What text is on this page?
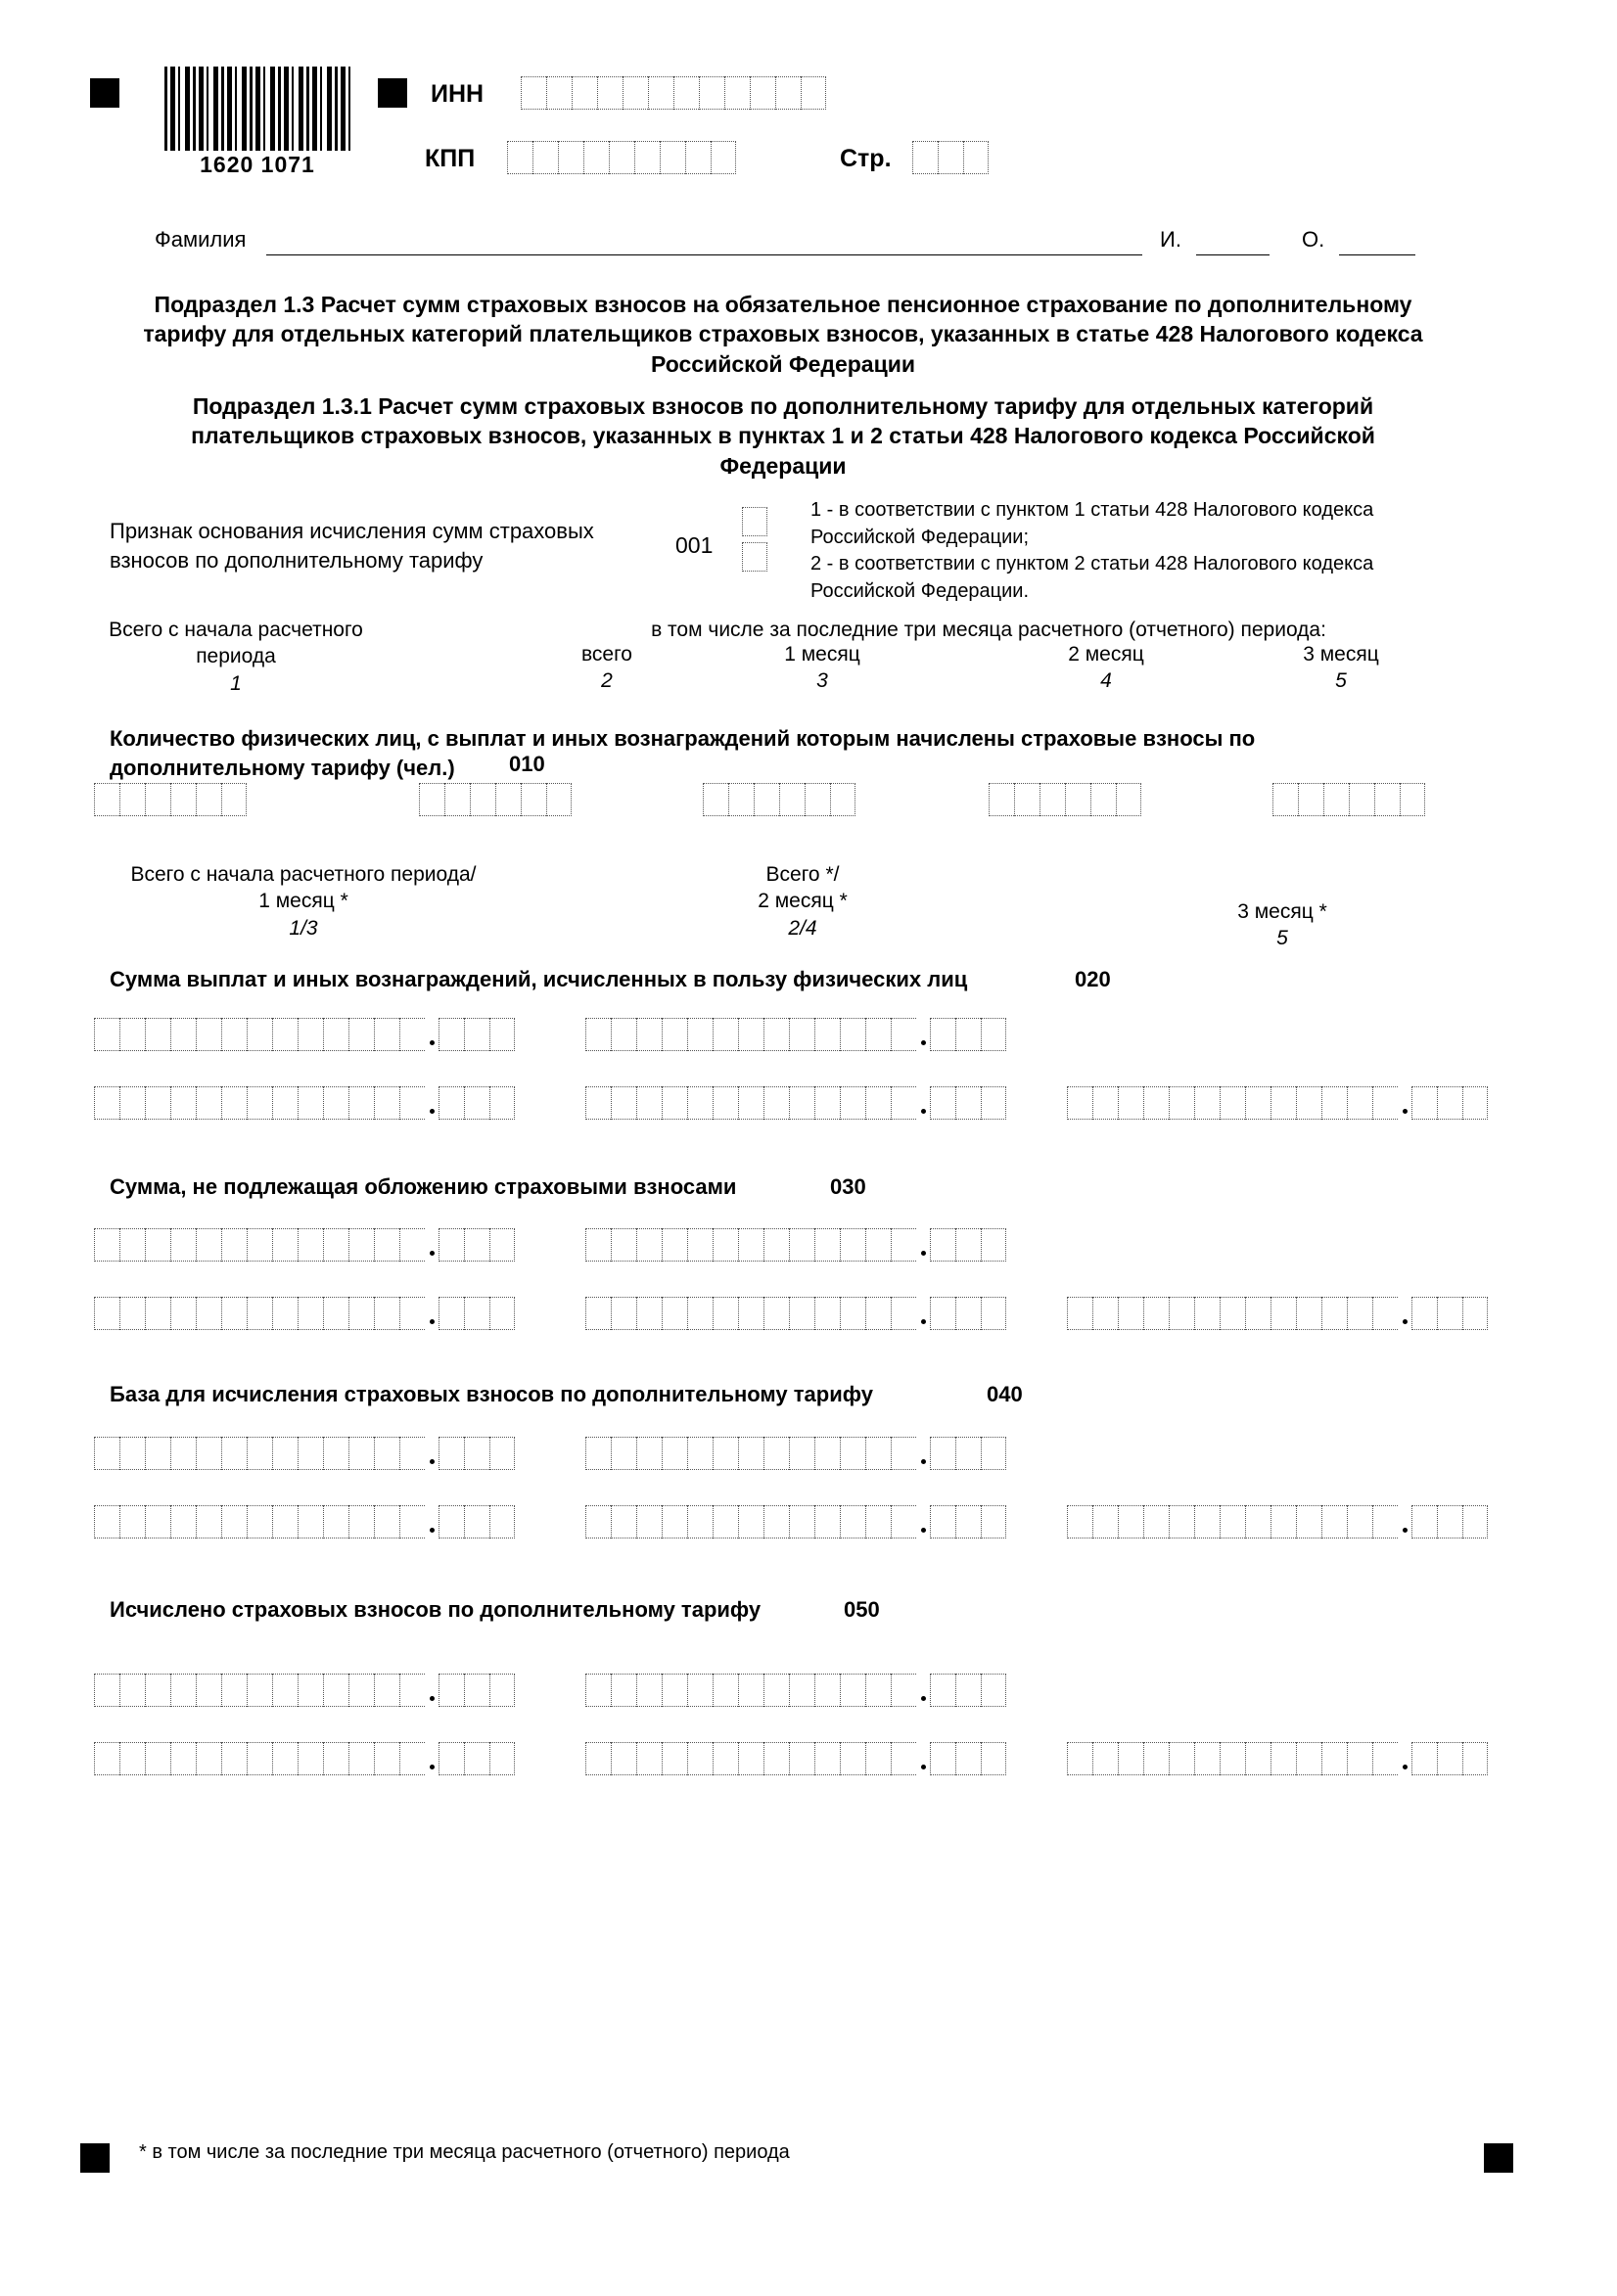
1620 1071
ИНН
КПП	Стр.
Фамилия	И.	О.
Подраздел 1.3 Расчет сумм страховых взносов на обязательное пенсионное страхование по дополнительному тарифу для отдельных категорий плательщиков страховых взносов, указанных в статье 428 Налогового кодекса Российской Федерации
Подраздел 1.3.1 Расчет сумм страховых взносов по дополнительному тарифу для отдельных категорий плательщиков страховых взносов, указанных в пунктах 1 и 2 статьи 428 Налогового кодекса Российской Федерации
Признак основания исчисления сумм страховых взносов по дополнительному тарифу
001
1 - в соответствии с пунктом 1 статьи 428 Налогового кодекса Российской Федерации;
2 - в соответствии с пунктом 2 статьи 428 Налогового кодекса Российской Федерации.
Всего с начала расчетного периода
1
всего
2
в том числе за последние три месяца расчетного (отчетного) периода:
1 месяц
3
2 месяц
4
3 месяц
5
Количество физических лиц, с выплат и иных вознаграждений которым начислены страховые взносы по дополнительному тарифу (чел.)	010
Всего с начала расчетного периода/
1 месяц *
1/3
Всего */
2 месяц *
2/4
3 месяц *
5
Сумма выплат и иных вознаграждений, исчисленных в пользу физических лиц	020
Сумма, не подлежащая обложению страховыми взносами	030
База для исчисления страховых взносов по дополнительному тарифу	040
Исчислено страховых взносов по дополнительному тарифу	050
* в том числе за последние три месяца расчетного (отчетного) периода
